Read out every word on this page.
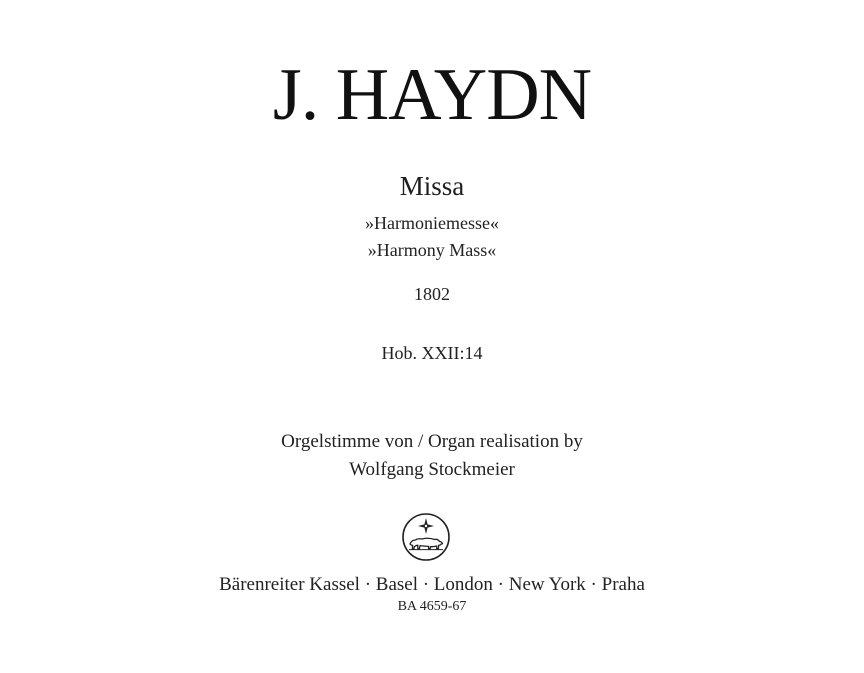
J. HAYDN
Missa
»Harmoniemesse«
»Harmony Mass«
1802
Hob. XXII:14
Orgelstimme von / Organ realisation by
Wolfgang Stockmeier
Bärenreiter Kassel · Basel · London · New York · Praha
BA 4659-67
